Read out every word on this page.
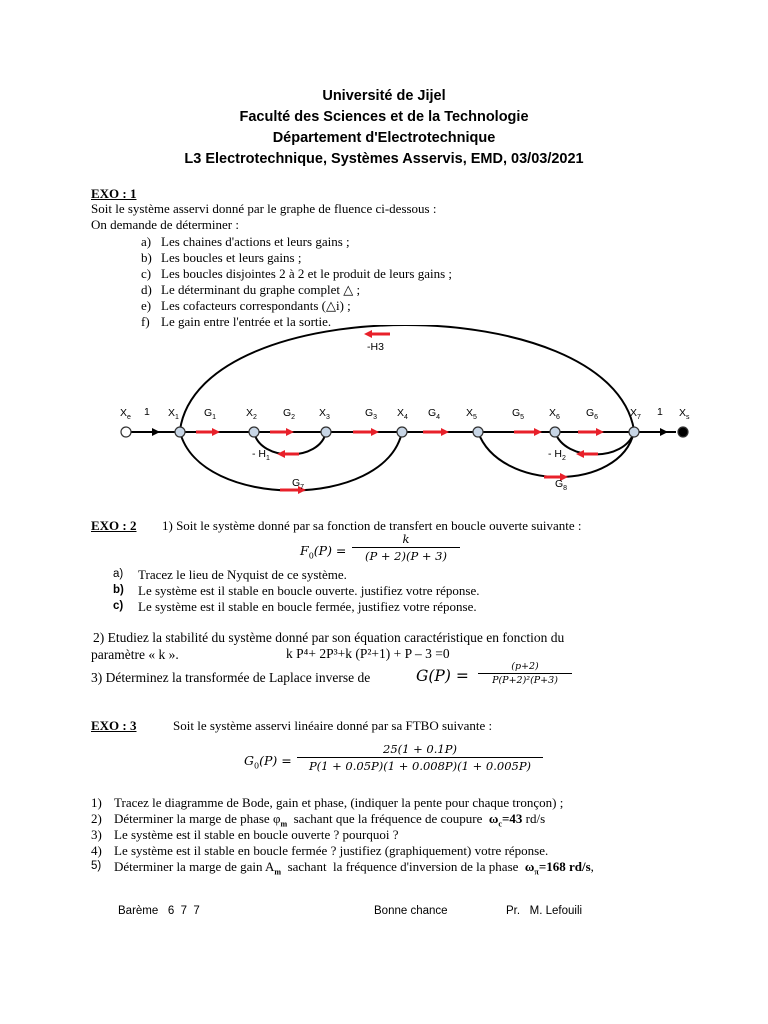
Université de Jijel
Faculté des Sciences et de la Technologie
Département d'Electrotechnique
L3 Electrotechnique, Systèmes Asservis, EMD, 03/03/2021
EXO : 1
Soit le système asservi donné par le graphe de fluence ci-dessous :
On demande de déterminer :
a) Les chaines d'actions et leurs gains ;
b) Les boucles et leurs gains ;
c) Les boucles disjointes 2 à 2 et le produit de leurs gains ;
d) Le déterminant du graphe complet △ ;
e) Les cofacteurs correspondants (△i) ;
f) Le gain entre l'entrée et la sortie.
$X_e$ 1 $X_1$ $G_1$	$X_2$ $G_2$ $X_3$	$G_3$ $X_4$ $G_4$ $X_5$	$G_5$ $X_6$ $G_6$	$X_7$ 1 $X_s$
-H3
- $H_1$	- $H_2$
$G_7$	$G_8$
EXO : 2 1) Soit le système donné par sa fonction de transfert en boucle ouverte suivante :
$F_0(P)$ =
k
(P + 2)(P + 3)
a) Tracez le lieu de Nyquist de ce système.
b) Le système est il stable en boucle ouverte. justifiez votre réponse.
c) Le système est il stable en boucle fermée, justifiez votre réponse.
2) Etudiez la stabilité du système donné par son équation caractéristique en fonction du
paramètre « k ».	k P⁴+ 2P³+k (P²+1) + P – 3 =0
3) Déterminez la transformée de Laplace inverse de	G(P) =
(p+2)
P(P+2)²(P+3)
EXO : 3	Soit le système asservi linéaire donné par sa FTBO suivante :
$G_0(P)$ =
25(1 + 0.1P)
P(1 + 0.05P)(1 + 0.008P)(1 + 0.005P)
1) Tracez le diagramme de Bode, gain et phase, (indiquer la pente pour chaque tronçon) ;
2) Déterminer la marge de phase $\varphi_m$  sachant que la fréquence de coupure  $\omega_c=43$ rd/s
3) Le système est il stable en boucle ouverte ? pourquoi ?
4) Le système est il stable en boucle fermée ? justifiez (graphiquement) votre réponse.
5) Déterminer la marge de gain $A_m$  sachant  la fréquence d'inversion de la phase  $\omega_\pi=168$ rd/s,
Barème   6  7  7	Bonne chance	Pr.   M. Lefouili
